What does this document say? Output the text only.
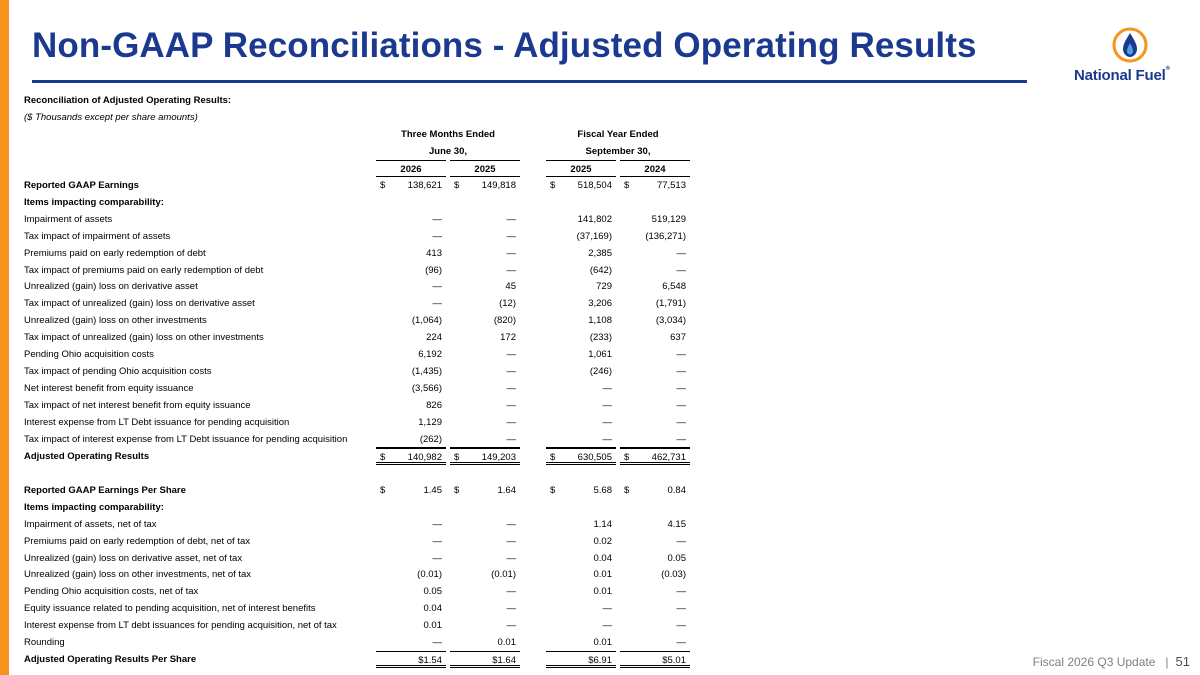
Non-GAAP Reconciliations - Adjusted Operating Results
National Fuel®
Reconciliation of Adjusted Operating Results:
($ Thousands except per share amounts)
Three Months Ended	Fiscal Year Ended
June 30,	September 30,
2026	2025	2025	2024
Reported GAAP Earnings	$ 138,621	$ 149,818	$ 518,504	$	77,513
Items impacting comparability:
Impairment of assets	—	—	141,802	519,129
Tax impact of impairment of assets	—	—	(37,169)	(136,271)
Premiums paid on early redemption of debt	413	—	2,385	—
Tax impact of premiums paid on early redemption of debt	(96)	—	(642)	—
Unrealized (gain) loss on derivative asset	—	45	729	6,548
Tax impact of unrealized (gain) loss on derivative asset	—	(12)	3,206	(1,791)
Unrealized (gain) loss on other investments	(1,064)	(820)	1,108	(3,034)
Tax impact of unrealized (gain) loss on other investments	224	172	(233)	637
Pending Ohio acquisition costs	6,192	—	1,061	—
Tax impact of pending Ohio acquisition costs	(1,435)	—	(246)	—
Net interest benefit from equity issuance	(3,566)	—	—	—
Tax impact of net interest benefit from equity issuance	826	—	—	—
Interest expense from LT Debt issuance for pending acquisition	1,129	—	—	—
Tax impact of interest expense from LT Debt issuance for pending acquisition	(262)	—	—	—
Adjusted Operating Results	$ 140,982	$ 149,203	$ 630,505	$ 462,731
Reported GAAP Earnings Per Share	$	1.45	$	1.64	$	5.68	$	0.84
Items impacting comparability:
Impairment of assets, net of tax	—	—	1.14	4.15
Premiums paid on early redemption of debt, net of tax	—	—	0.02	—
Unrealized (gain) loss on derivative asset, net of tax	—	—	0.04	0.05
Unrealized (gain) loss on other investments, net of tax	(0.01)	(0.01)	0.01	(0.03)
Pending Ohio acquisition costs, net of tax	0.05	—	0.01	—
Equity issuance related to pending acquisition, net of interest benefits	0.04	—	—	—
Interest expense from LT debt issuances for pending acquisition, net of tax	0.01	—	—	—
Rounding	—	0.01	0.01	—
Adjusted Operating Results Per Share	$1.54	$1.64	$6.91	$5.01	Fiscal 2026 Q3 Update | 51
